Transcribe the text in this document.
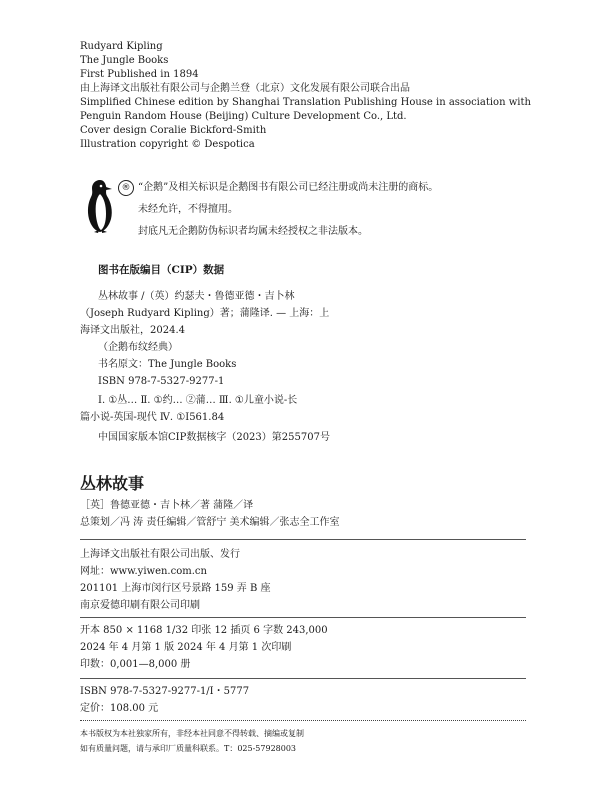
Rudyard Kipling
The Jungle Books
First Published in 1894
由上海译文出版社有限公司与企鹅兰登（北京）文化发展有限公司联合出品
Simplified Chinese edition by Shanghai Translation Publishing House in association with
Penguin Random House (Beijing) Culture Development Co., Ltd.
Cover design Coralie Bickford-Smith
Illustration copyright © Despotica
® “企鹅”及相关标识是企鹅图书有限公司已经注册或尚未注册的商标。
未经允许，不得擅用。
封底凡无企鹅防伪标识者均属未经授权之非法版本。
图书在版编目（CIP）数据
丛林故事 /（英）约瑟夫・鲁德亚德・吉卜林
（Joseph Rudyard Kipling）著；蒲隆译. — 上海：上
海译文出版社，2024.4
（企鹅布纹经典）
书名原文：The Jungle Books
ISBN 978-7-5327-9277-1
Ⅰ. ①丛… Ⅱ. ①约… ②蒲… Ⅲ. ①儿童小说-长
篇小说-英国-现代 Ⅳ. ①I561.84
中国国家版本馆CIP数据核字（2023）第255707号
丛林故事
［英］鲁德亚德・吉卜林／著 蒲隆／译
总策划／冯 涛 责任编辑／管舒宁 美术编辑／张志全工作室
上海译文出版社有限公司出版、发行
网址：www.yiwen.com.cn
201101 上海市闵行区号景路 159 弄 B 座
南京爱德印刷有限公司印刷
开本 850 × 1168 1/32 印张 12 插页 6 字数 243,000
2024 年 4 月第 1 版 2024 年 4 月第 1 次印刷
印数：0,001—8,000 册
ISBN 978-7-5327-9277-1/I・5777
定价：108.00 元
本书版权为本社独家所有，非经本社同意不得转载、摘编或复制
如有质量问题，请与承印厂质量科联系。T：025-57928003
